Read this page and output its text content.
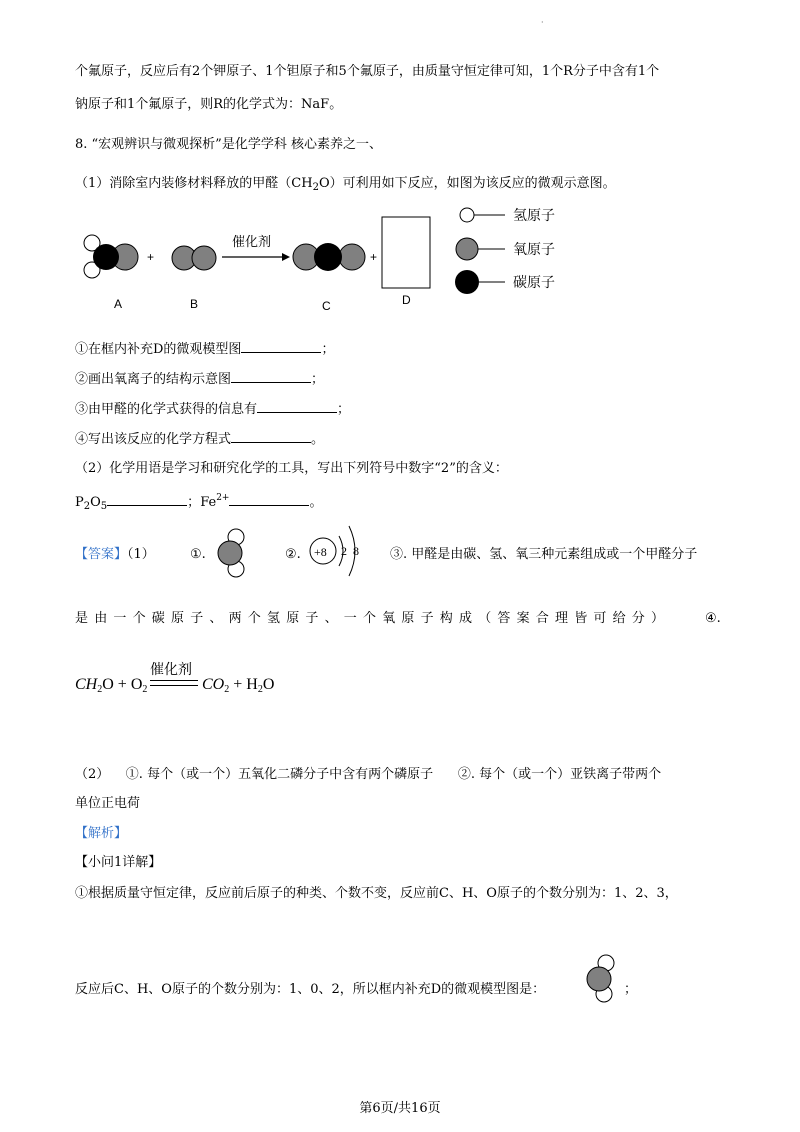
·
个氟原子，反应后有2个钾原子、1个钽原子和5个氟原子，由质量守恒定律可知，1个R分子中含有1个
钠原子和1个氟原子，则R的化学式为：NaF。
8. “宏观辨识与微观探析”是化学学科 核心素养之一、
（1）消除室内装修材料释放的甲醛$(CH_2O)$可利用如下反应，如图为该反应的微观示意图。
+
催化剂
+
A	B	C	D
氢原子
氧原子
碳原子
①在框内补充D的微观模型图	；
②画出氧离子的结构示意图	；
③由甲醛的化学式获得的信息有	；
④写出该反应的化学方程式	。
（2）化学用语是学习和研究化学的工具，写出下列符号中数字“2”的含义：
$P_2O_5$	；$Fe^{2+}$	。
【答案】（1）	①.	②. +8 2 8 ③. 甲醛是由碳、氢、氧三种元素组成或一个甲醛分子
是由一个碳原子、两个氢原子、一个氧原子构成（答案合理皆可给分）	④.
催化剂
$CH_2O + O_2$	$CO_2 + H_2O$
（2）    ①. 每个（或一个）五氧化二磷分子中含有两个磷原子      ②. 每个（或一个）亚铁离子带两个
单位正电荷
【解析】
【小问1详解】
①根据质量守恒定律，反应前后原子的种类、个数不变，反应前C、H、O原子的个数分别为：1、2、3，
反应后C、H、O原子的个数分别为：1、0、2，所以框内补充D的微观模型图是：	；
第6页/共16页
